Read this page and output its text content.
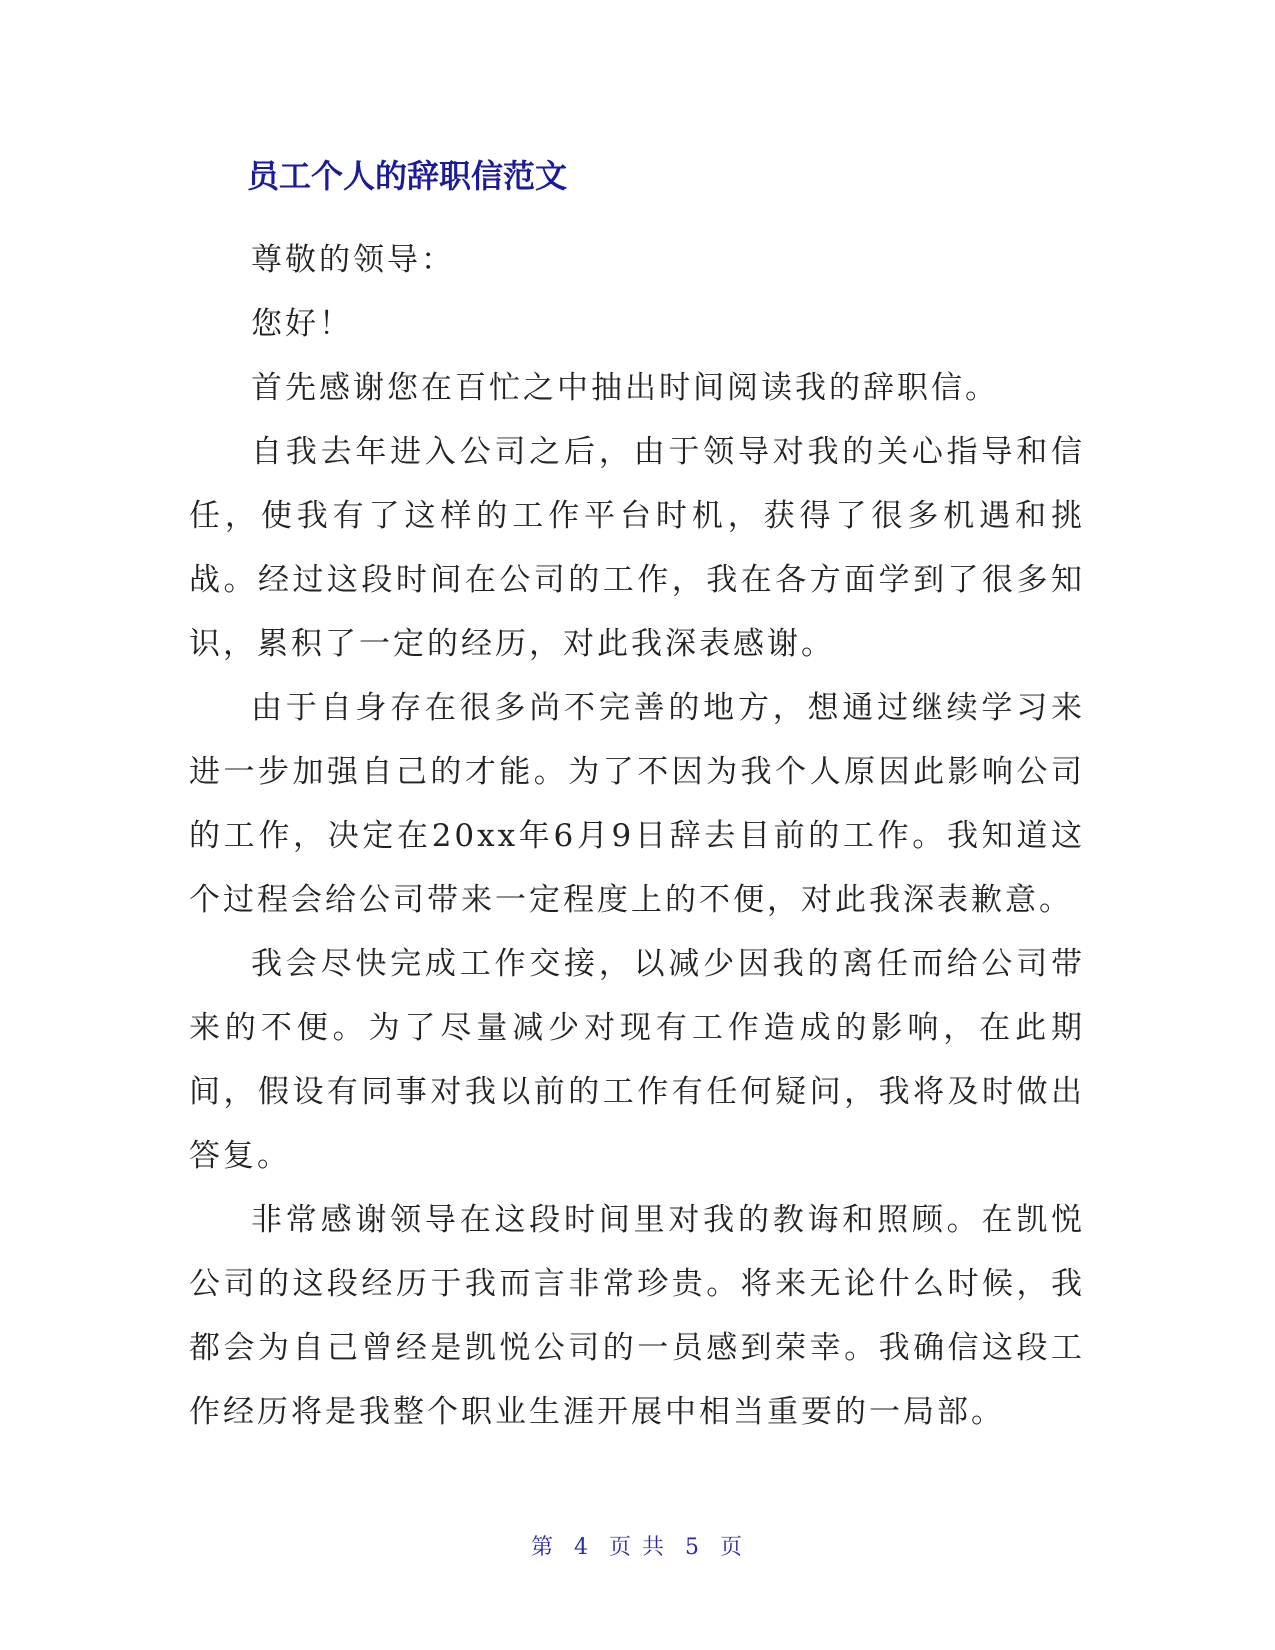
员工个人的辞职信范文

尊敬的领导：

您好！

首先感谢您在百忙之中抽出时间阅读我的辞职信。

自我去年进入公司之后，由于领导对我的关心指导和信任，使我有了这样的工作平台时机，获得了很多机遇和挑战。经过这段时间在公司的工作，我在各方面学到了很多知识，累积了一定的经历，对此我深表感谢。

由于自身存在很多尚不完善的地方，想通过继续学习来进一步加强自己的才能。为了不因为我个人原因此影响公司的工作，决定在20xx年6月9日辞去目前的工作。我知道这个过程会给公司带来一定程度上的不便，对此我深表歉意。

我会尽快完成工作交接，以减少因我的离任而给公司带来的不便。为了尽量减少对现有工作造成的影响，在此期间，假设有同事对我以前的工作有任何疑问，我将及时做出答复。

非常感谢领导在这段时间里对我的教诲和照顾。在凯悦公司的这段经历于我而言非常珍贵。将来无论什么时候，我都会为自己曾经是凯悦公司的一员感到荣幸。我确信这段工作经历将是我整个职业生涯开展中相当重要的一局部。

第 4 页 共 5 页
